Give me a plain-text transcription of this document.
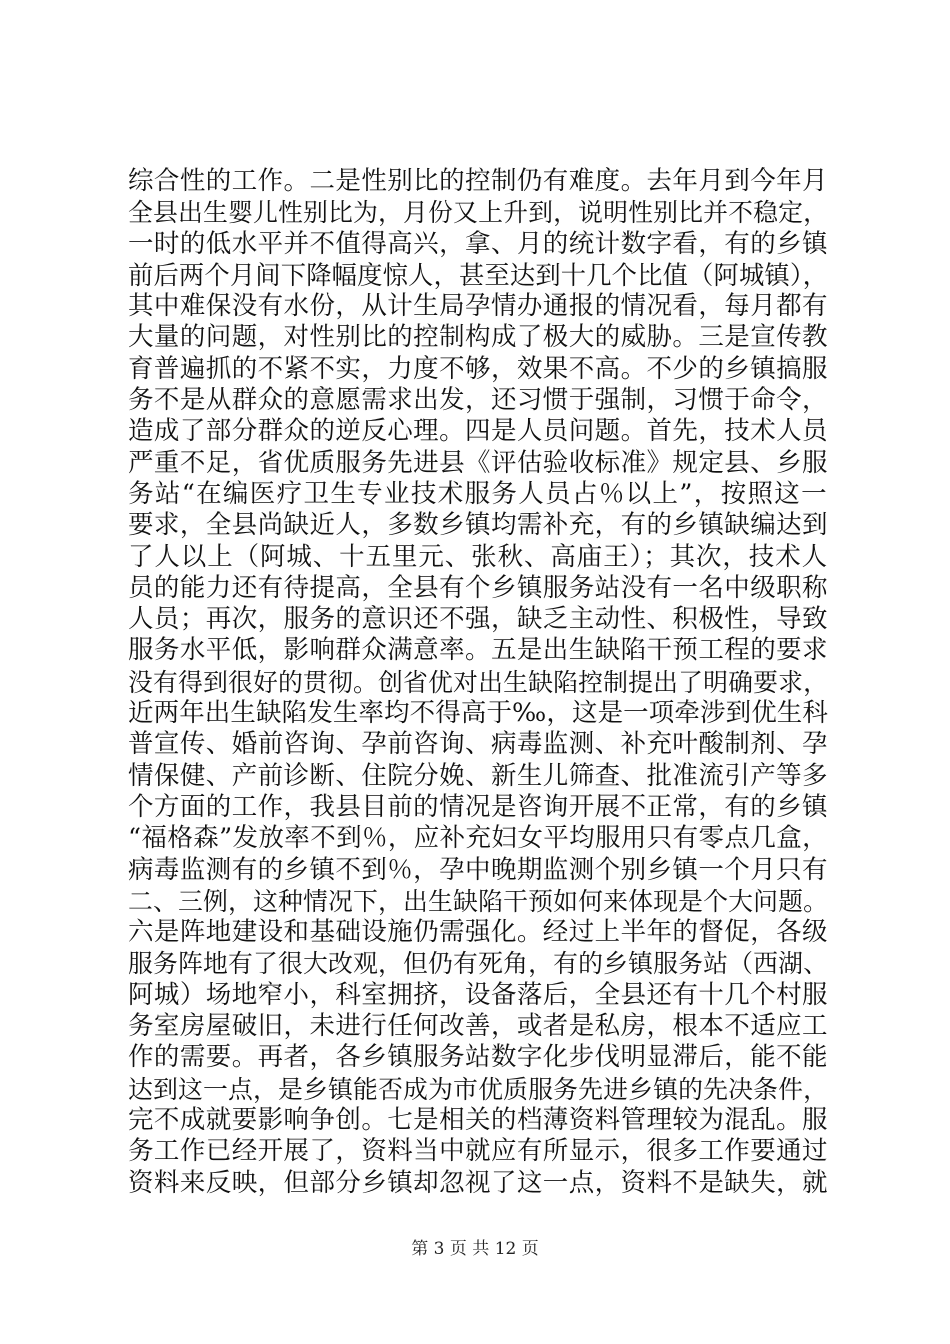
综合性的工作。二是性别比的控制仍有难度。去年月到今年月
全县出生婴儿性别比为，月份又上升到，说明性别比并不稳定，
一时的低水平并不值得高兴，拿、月的统计数字看，有的乡镇
前后两个月间下降幅度惊人，甚至达到十几个比值（阿城镇），
其中难保没有水份，从计生局孕情办通报的情况看，每月都有
大量的问题，对性别比的控制构成了极大的威胁。三是宣传教
育普遍抓的不紧不实，力度不够，效果不高。不少的乡镇搞服
务不是从群众的意愿需求出发，还习惯于强制，习惯于命令，
造成了部分群众的逆反心理。四是人员问题。首先，技术人员
严重不足，省优质服务先进县《评估验收标准》规定县、乡服
务站“在编医疗卫生专业技术服务人员占％以上”，按照这一
要求，全县尚缺近人，多数乡镇均需补充，有的乡镇缺编达到
了人以上（阿城、十五里元、张秋、高庙王）；其次，技术人
员的能力还有待提高，全县有个乡镇服务站没有一名中级职称
人员；再次，服务的意识还不强，缺乏主动性、积极性，导致
服务水平低，影响群众满意率。五是出生缺陷干预工程的要求
没有得到很好的贯彻。创省优对出生缺陷控制提出了明确要求，
近两年出生缺陷发生率均不得高于‰，这是一项牵涉到优生科
普宣传、婚前咨询、孕前咨询、病毒监测、补充叶酸制剂、孕
情保健、产前诊断、住院分娩、新生儿筛查、批准流引产等多
个方面的工作，我县目前的情况是咨询开展不正常，有的乡镇
“福格森”发放率不到％，应补充妇女平均服用只有零点几盒，
病毒监测有的乡镇不到％，孕中晚期监测个别乡镇一个月只有
二、三例，这种情况下，出生缺陷干预如何来体现是个大问题。
六是阵地建设和基础设施仍需强化。经过上半年的督促，各级
服务阵地有了很大改观，但仍有死角，有的乡镇服务站（西湖、
阿城）场地窄小，科室拥挤，设备落后，全县还有十几个村服
务室房屋破旧，未进行任何改善，或者是私房，根本不适应工
作的需要。再者，各乡镇服务站数字化步伐明显滞后，能不能
达到这一点，是乡镇能否成为市优质服务先进乡镇的先决条件，
完不成就要影响争创。七是相关的档薄资料管理较为混乱。服
务工作已经开展了，资料当中就应有所显示，很多工作要通过
资料来反映，但部分乡镇却忽视了这一点，资料不是缺失，就
第 3 页 共 12 页
